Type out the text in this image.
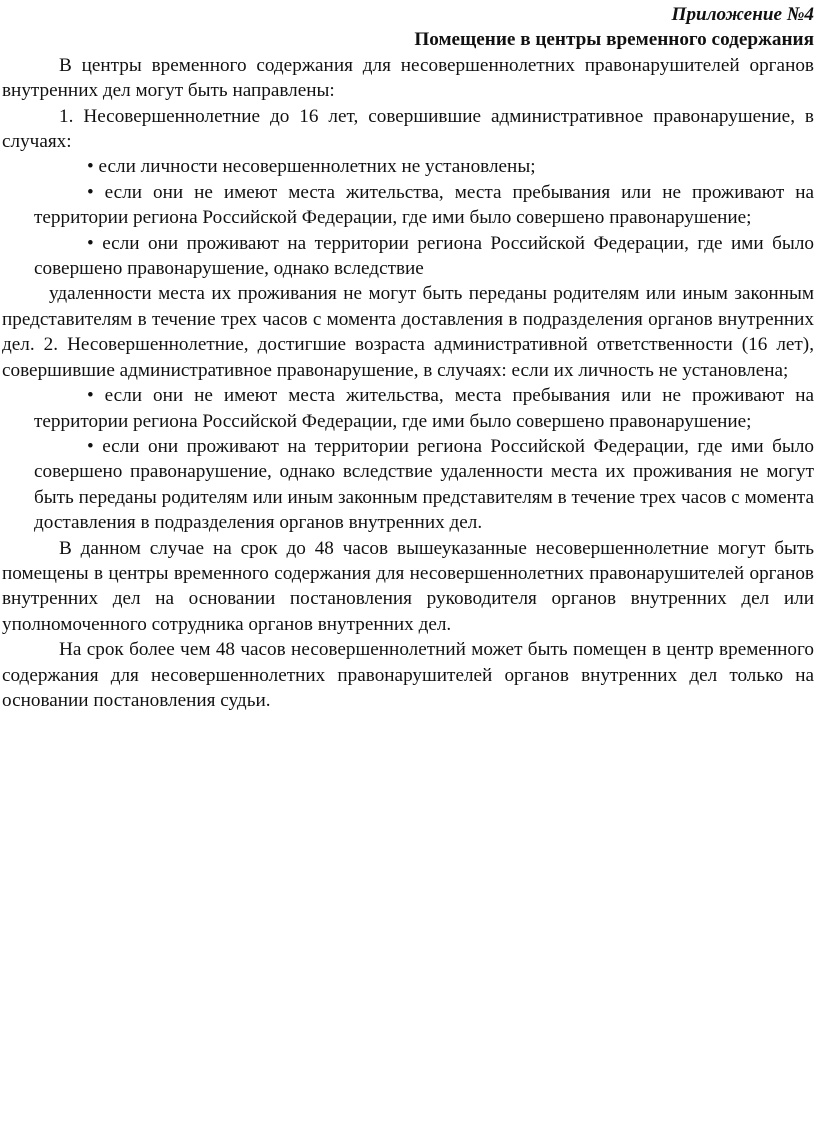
Приложение №4

Помещение в центры временного содержания

В центры временного содержания для несовершеннолетних правонарушителей органов внутренних дел могут быть направлены:

1. Несовершеннолетние до 16 лет, совершившие административное правонарушение, в случаях:

• если личности несовершеннолетних не установлены;

• если они не имеют места жительства, места пребывания или не проживают на территории региона Российской Федерации, где ими было совершено правонарушение;

• если они проживают на территории региона Российской Федерации, где ими было совершено правонарушение, однако вследствие

удаленности места их проживания не могут быть переданы родителям или иным законным представителям в течение трех часов с момента доставления в подразделения органов внутренних дел. 2. Несовершеннолетние, достигшие возраста административной ответственности (16 лет), совершившие административное правонарушение, в случаях: если их личность не установлена;

• если они не имеют места жительства, места пребывания или не проживают на территории региона Российской Федерации, где ими было совершено правонарушение;

• если они проживают на территории региона Российской Федерации, где ими было совершено правонарушение, однако вследствие удаленности места их проживания не могут быть переданы родителям или иным законным представителям в течение трех часов с момента доставления в подразделения органов внутренних дел.

В данном случае на срок до 48 часов вышеуказанные несовершеннолетние могут быть помещены в центры временного содержания для несовершеннолетних правонарушителей органов внутренних дел на основании постановления руководителя органов внутренних дел или уполномоченного сотрудника органов внутренних дел.

На срок более чем 48 часов несовершеннолетний может быть помещен в центр временного содержания для несовершеннолетних правонарушителей органов внутренних дел только на основании постановления судьи.
